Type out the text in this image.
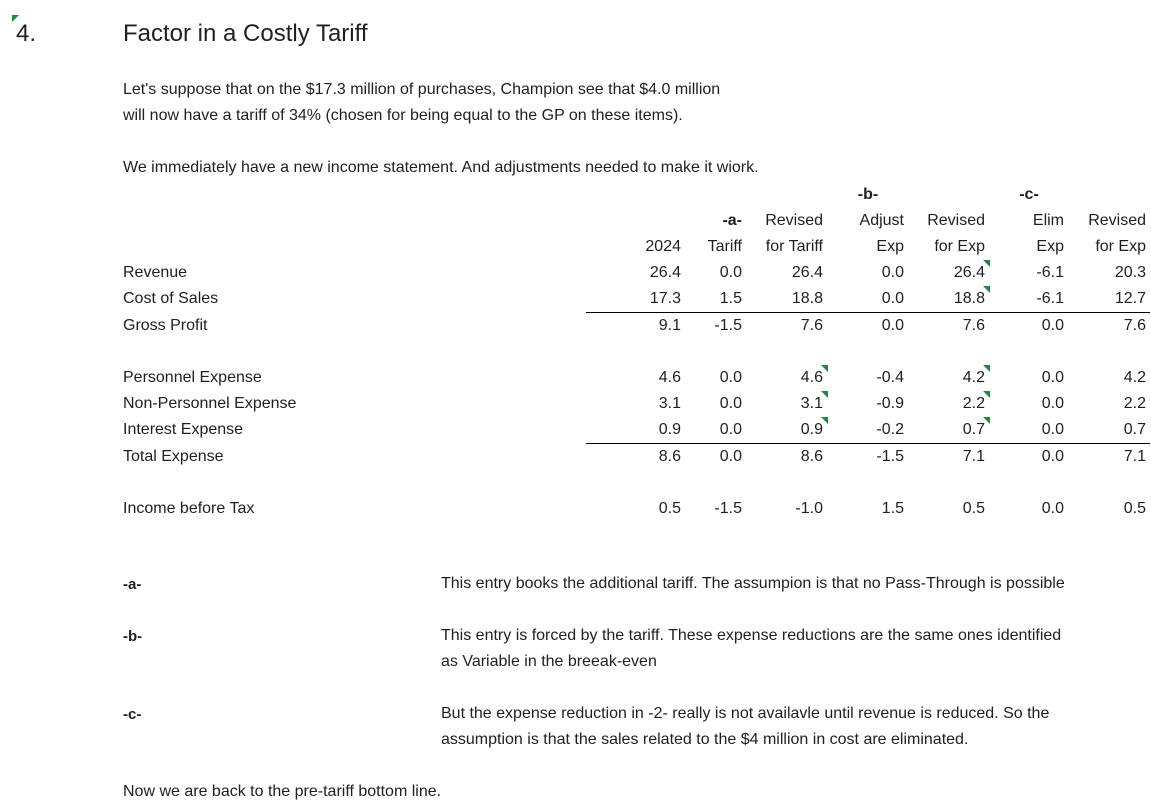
4.	Factor in a Costly Tariff
Let's suppose that on the $17.3 million of purchases, Champion see that $4.0 million
will now have a tariff of 34% (chosen for being equal to the GP on these items).
We immediately have a new income statement. And adjustments needed to make it wiork.
				-b-		-c-	
		-a-	Revised	Adjust	Revised	Elim	Revised
	2024	Tariff	for Tariff	Exp	for Exp	Exp	for Exp
Revenue	26.4	0.0	26.4	0.0	26.4	-6.1	20.3
Cost of Sales	17.3	1.5	18.8	0.0	18.8	-6.1	12.7
Gross Profit	9.1	-1.5	7.6	0.0	7.6	0.0	7.6

Personnel Expense	4.6	0.0	4.6	-0.4	4.2	0.0	4.2
Non-Personnel Expense	3.1	0.0	3.1	-0.9	2.2	0.0	2.2
Interest Expense	0.9	0.0	0.9	-0.2	0.7	0.0	0.7
Total Expense	8.6	0.0	8.6	-1.5	7.1	0.0	7.1

Income before Tax	0.5	-1.5	-1.0	1.5	0.5	0.0	0.5
-a-	This entry books the additional tariff. The assumpion is that no Pass-Through is possible
-b-	This entry is forced by the tariff. These expense reductions are the same ones identified
as Variable in the breeak-even
-c-	But the expense reduction in -2- really is not availavle until revenue is reduced. So the
assumption is that the sales related to the $4 million in cost are eliminated.
Now we are back to the pre-tariff bottom line.
